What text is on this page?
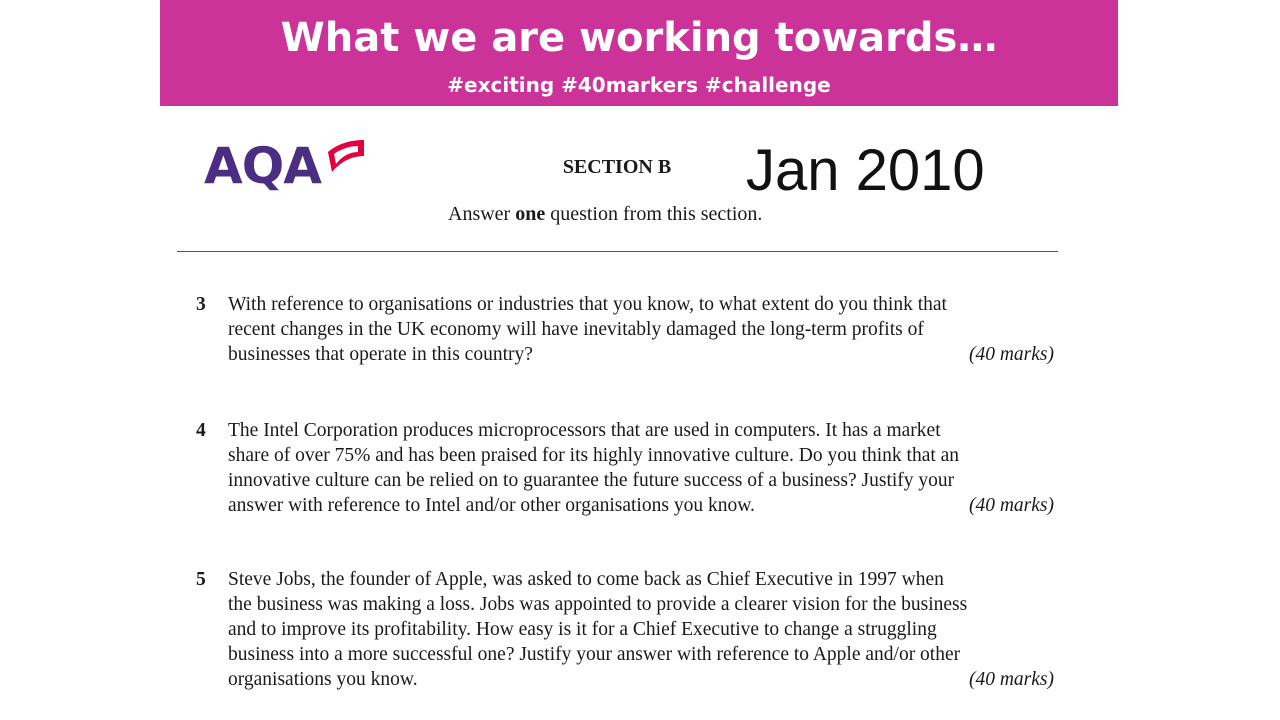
What we are working towards…
#exciting #40markers #challenge
AQA	SECTION B	Jan 2010
Answer one question from this section.
3 With reference to organisations or industries that you know, to what extent do you think that
recent changes in the UK economy will have inevitably damaged the long-term profits of
businesses that operate in this country?	(40 marks)
4 The Intel Corporation produces microprocessors that are used in computers. It has a market
share of over 75% and has been praised for its highly innovative culture. Do you think that an
innovative culture can be relied on to guarantee the future success of a business? Justify your
answer with reference to Intel and/or other organisations you know.	(40 marks)
5 Steve Jobs, the founder of Apple, was asked to come back as Chief Executive in 1997 when
the business was making a loss. Jobs was appointed to provide a clearer vision for the business
and to improve its profitability. How easy is it for a Chief Executive to change a struggling
business into a more successful one? Justify your answer with reference to Apple and/or other
organisations you know.	(40 marks)
